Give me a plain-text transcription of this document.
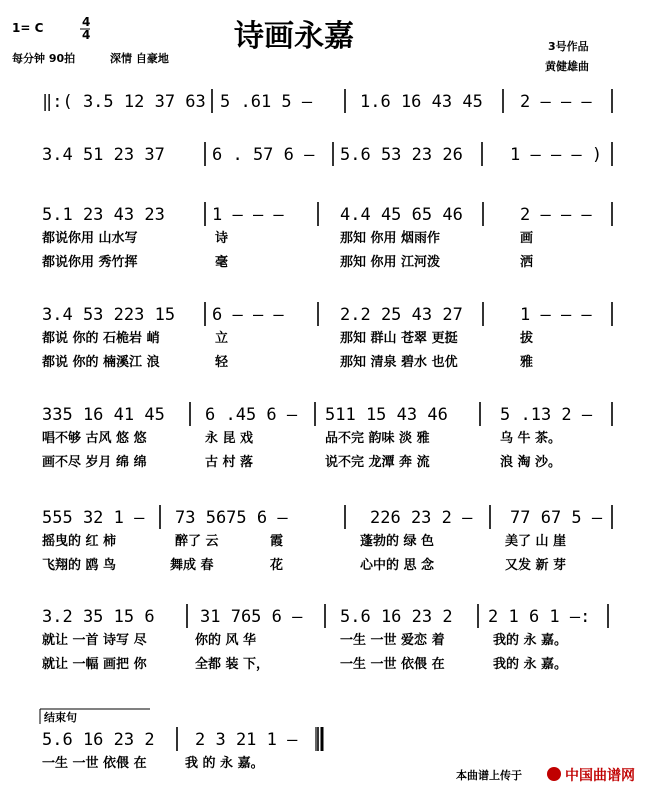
1= C	4
4
每分钟 90拍	深情 自豪地
诗画永嘉	3号作品
黄健雄曲
‖:( 3.5 12 37 63 5 .61 5 –	1.6 16 43 45 2 – – –
3.4 51 23 37	6 . 57 6 – 5.6 53 23 26	1 – – – )
5.1 23 43 23	1 – – –	4.4 45 65 46	2 – – –
都说你用 山水写	诗	那知 你用 烟雨作	画
都说你用 秀竹挥	毫	那知 你用 江河泼	洒
3.4 53 223 15 6 – – –	2.2 25 43 27	1 – – –
都说 你的 石桅岩 峭	立	那知 群山 苍翠 更挺	拔
都说 你的 楠溪江 浪	轻	那知 清泉 碧水 也优	雅
335 16 41 45 6 .45 6 – 511 15 43 46	5 .13 2 –
唱不够 古风 悠 悠	永 昆 戏	品不完 韵味 淡 雅	乌 牛 茶。
画不尽 岁月 绵 绵	古 村 落	说不完 龙潭 奔 流	浪 淘 沙。
555 32 1 – 73 5675 6 –	226 23 2 – 77 67 5 –
摇曳的 红 柿	醉了 云	霞	蓬勃的 绿 色	美了 山 崖
飞翔的 鸥 鸟	舞成 春	花	心中的 思 念	又发 新 芽
3.2 35 15 6	31 765 6 – 5.6 16 23 2 2 1 6 1 –:
就让 一首 诗写 尽	你的 风 华	一生 一世 爱恋 着	我的 永 嘉。
就让 一幅 画把 你	全都 装 下，	一生 一世 依偎 在	我的 永 嘉。
5.6 16 23 2 2 3 21 1 –
一生 一世 依偎 在	我 的 永 嘉。
结束句
本曲谱上传于	中国曲谱网
